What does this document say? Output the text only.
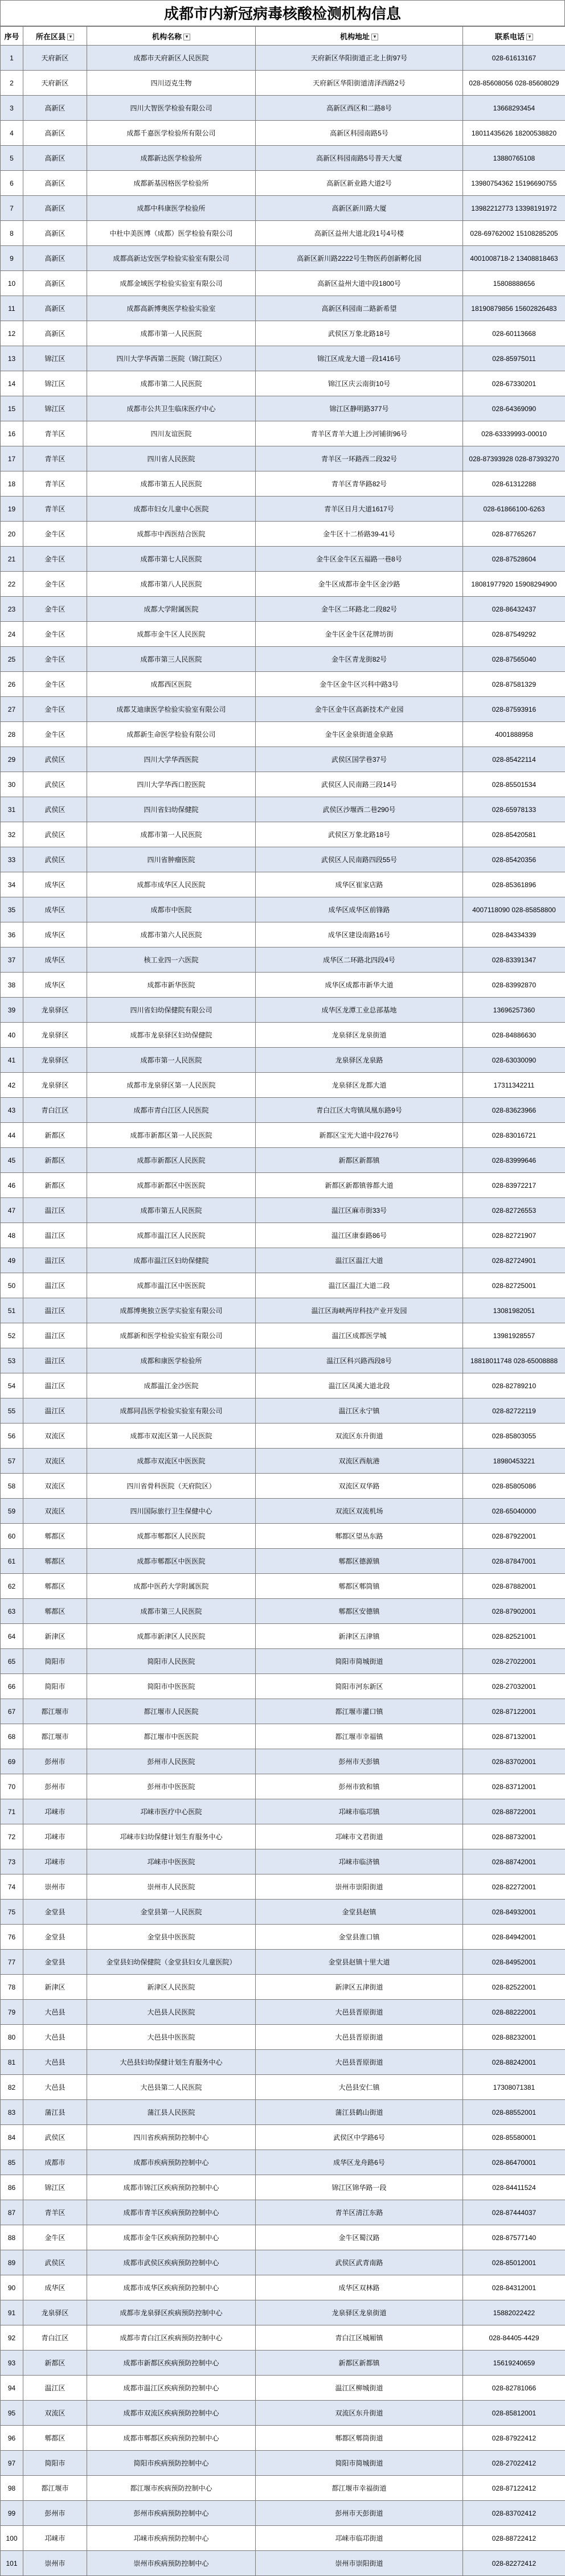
成都市内新冠病毒核酸检测机构信息
序号	所在区县 ▼	机构名称 ▼	机构地址 ▼	联系电话 ▼
1	天府新区	成都市天府新区人民医院	天府新区华阳街道正北上街97号	028-61613167
2	天府新区	四川迈克生物	天府新区华阳街道清泽西路2号	028-85608056 028-85608029
3	高新区	四川大智医学检验有限公司	高新区西区和二路8号	13668293454
4	高新区	成都千嘉医学检验所有限公司	高新区科园南路5号	18011435626 18200538820
5	高新区	成都新达医学检验所	高新区科园南路5号普天大厦	13880765108
6	高新区	成都新基因格医学检验所	高新区新业路大道2号	13980754362 15196690755
7	高新区	成都中科康医学检验所	高新区新川路大厦	13982212773 13398191972
8	高新区	中杜中美医博（成都）医学检验有限公司	高新区益州大道北段1号4号楼	028-69762002 15108285205
9	高新区	成都高新达安医学检验实验室有限公司	高新区新川路2222号生物医药创新孵化园	4001008718-2 13408818463
10	高新区	成都金域医学检验实验室有限公司	高新区益州大道中段1800号	15808888656
11	高新区	成都高新博奥医学检验实验室	高新区科园南二路新希望	18190879856 15602826483
12	高新区	成都市第一人民医院	武侯区万象北路18号	028-60113668
13	锦江区	四川大学华西第二医院（锦江院区）	锦江区成龙大道一段1416号	028-85975011
14	锦江区	成都市第二人民医院	锦江区庆云南街10号	028-67330201
15	锦江区	成都市公共卫生临床医疗中心	锦江区静明路377号	028-64369090
16	青羊区	四川友谊医院	青羊区青羊大道上沙河铺街96号	028-63339993-00010
17	青羊区	四川省人民医院	青羊区一环路西二段32号	028-87393928 028-87393270
18	青羊区	成都市第五人民医院	青羊区青华路82号	028-61312288
19	青羊区	成都市妇女儿童中心医院	青羊区日月大道1617号	028-61866100-6263
20	金牛区	成都市中西医结合医院	金牛区十二桥路39-41号	028-87765267
21	金牛区	成都市第七人民医院	金牛区金牛区五福路一巷8号	028-87528604
22	金牛区	成都市第八人民医院	金牛区成都市金牛区金沙路	18081977920 15908294900
23	金牛区	成都大学附属医院	金牛区二环路北二段82号	028-86432437
24	金牛区	成都市金牛区人民医院	金牛区金牛区花牌坊街	028-87549292
25	金牛区	成都市第三人民医院	金牛区青龙街82号	028-87565040
26	金牛区	成都西区医院	金牛区金牛区兴科中路3号	028-87581329
27	金牛区	成都艾迪康医学检验实验室有限公司	金牛区金牛区高新技术产业园	028-87593916
28	金牛区	成都新生命医学检验有限公司	金牛区金泉街道金泉路	4001888958
29	武侯区	四川大学华西医院	武侯区国学巷37号	028-85422114
30	武侯区	四川大学华西口腔医院	武侯区人民南路三段14号	028-85501534
31	武侯区	四川省妇幼保健院	武侯区沙堰西二巷290号	028-65978133
32	武侯区	成都市第一人民医院	武侯区万象北路18号	028-85420581
33	武侯区	四川省肿瘤医院	武侯区人民南路四段55号	028-85420356
34	成华区	成都市成华区人民医院	成华区崔家店路	028-85361896
35	成华区	成都市中医院	成华区成华区前锋路	4007118090 028-85858800
36	成华区	成都市第六人民医院	成华区建设南路16号	028-84334339
37	成华区	核工业四一六医院	成华区二环路北四段4号	028-83391347
38	成华区	成都市新华医院	成华区成都市新华大道	028-83992870
39	龙泉驿区	四川省妇幼保健院有限公司	成华区龙潭工业总部基地	13696257360
40	龙泉驿区	成都市龙泉驿区妇幼保健院	龙泉驿区龙泉街道	028-84886630
41	龙泉驿区	成都市第一人民医院	龙泉驿区龙泉路	028-63030090
42	龙泉驿区	成都市龙泉驿区第一人民医院	龙泉驿区龙都大道	17311342211
43	青白江区	成都市青白江区人民医院	青白江区大弯镇凤凰东路9号	028-83623966
44	新都区	成都市新都区第一人民医院	新都区宝光大道中段276号	028-83016721
45	新都区	成都市新都区人民医院	新都区新都镇	028-83999646
46	新都区	成都市新都区中医医院	新都区新都镇蓉都大道	028-83972217
47	温江区	成都市第五人民医院	温江区麻市街33号	028-82726553
48	温江区	成都市温江区人民医院	温江区康泰路86号	028-82721907
49	温江区	成都市温江区妇幼保健院	温江区温江大道	028-82724901
50	温江区	成都市温江区中医医院	温江区温江大道二段	028-82725001
51	温江区	成都博奥独立医学实验室有限公司	温江区海峡两岸科技产业开发园	13081982051
52	温江区	成都新和医学检验实验室有限公司	温江区成都医学城	13981928557
53	温江区	成都和康医学检验所	温江区科兴路西段8号	18818011748 028-65008888
54	温江区	成都温江金沙医院	温江区凤溪大道北段	028-82789210
55	温江区	成都同昌医学检验实验室有限公司	温江区永宁镇	028-82722119
56	双流区	成都市双流区第一人民医院	双流区东升街道	028-85803055
57	双流区	成都市双流区中医医院	双流区西航港	18980453221
58	双流区	四川省骨科医院（天府院区）	双流区双华路	028-85805086
59	双流区	四川国际旅行卫生保健中心	双流区双流机场	028-65040000
60	郫都区	成都市郫都区人民医院	郫都区望丛东路	028-87922001
61	郫都区	成都市郫都区中医医院	郫都区德源镇	028-87847001
62	郫都区	成都中医药大学附属医院	郫都区郫筒镇	028-87882001
63	郫都区	成都市第三人民医院	郫都区安德镇	028-87902001
64	新津区	成都市新津区人民医院	新津区五津镇	028-82521001
65	简阳市	简阳市人民医院	简阳市简城街道	028-27022001
66	简阳市	简阳市中医医院	简阳市河东新区	028-27032001
67	都江堰市	都江堰市人民医院	都江堰市灌口镇	028-87122001
68	都江堰市	都江堰市中医医院	都江堰市幸福镇	028-87132001
69	彭州市	彭州市人民医院	彭州市天彭镇	028-83702001
70	彭州市	彭州市中医医院	彭州市致和镇	028-83712001
71	邛崃市	邛崃市医疗中心医院	邛崃市临邛镇	028-88722001
72	邛崃市	邛崃市妇幼保健计划生育服务中心	邛崃市文君街道	028-88732001
73	邛崃市	邛崃市中医医院	邛崃市临济镇	028-88742001
74	崇州市	崇州市人民医院	崇州市崇阳街道	028-82272001
75	金堂县	金堂县第一人民医院	金堂县赵镇	028-84932001
76	金堂县	金堂县中医医院	金堂县淮口镇	028-84942001
77	金堂县	金堂县妇幼保健院（金堂县妇女儿童医院）	金堂县赵镇十里大道	028-84952001
78	新津区	新津区人民医院	新津区五津街道	028-82522001
79	大邑县	大邑县人民医院	大邑县晋原街道	028-88222001
80	大邑县	大邑县中医医院	大邑县晋原街道	028-88232001
81	大邑县	大邑县妇幼保健计划生育服务中心	大邑县晋原街道	028-88242001
82	大邑县	大邑县第二人民医院	大邑县安仁镇	17308071381
83	蒲江县	蒲江县人民医院	蒲江县鹤山街道	028-88552001
84	武侯区	四川省疾病预防控制中心	武侯区中学路6号	028-85580001
85	成都市	成都市疾病预防控制中心	成华区龙舟路6号	028-86470001
86	锦江区	成都市锦江区疾病预防控制中心	锦江区锦华路一段	028-84411524
87	青羊区	成都市青羊区疾病预防控制中心	青羊区清江东路	028-87444037
88	金牛区	成都市金牛区疾病预防控制中心	金牛区蜀汉路	028-87577140
89	武侯区	成都市武侯区疾病预防控制中心	武侯区武青南路	028-85012001
90	成华区	成都市成华区疾病预防控制中心	成华区双林路	028-84312001
91	龙泉驿区	成都市龙泉驿区疾病预防控制中心	龙泉驿区龙泉街道	15882022422
92	青白江区	成都市青白江区疾病预防控制中心	青白江区城厢镇	028-84405-4429
93	新都区	成都市新都区疾病预防控制中心	新都区新都镇	15619240659
94	温江区	成都市温江区疾病预防控制中心	温江区柳城街道	028-82781066
95	双流区	成都市双流区疾病预防控制中心	双流区东升街道	028-85812001
96	郫都区	成都市郫都区疾病预防控制中心	郫都区郫筒街道	028-87922412
97	简阳市	简阳市疾病预防控制中心	简阳市简城街道	028-27022412
98	都江堰市	都江堰市疾病预防控制中心	都江堰市幸福街道	028-87122412
99	彭州市	彭州市疾病预防控制中心	彭州市天彭街道	028-83702412
100	邛崃市	邛崃市疾病预防控制中心	邛崃市临邛街道	028-88722412
101	崇州市	崇州市疾病预防控制中心	崇州市崇阳街道	028-82272412
